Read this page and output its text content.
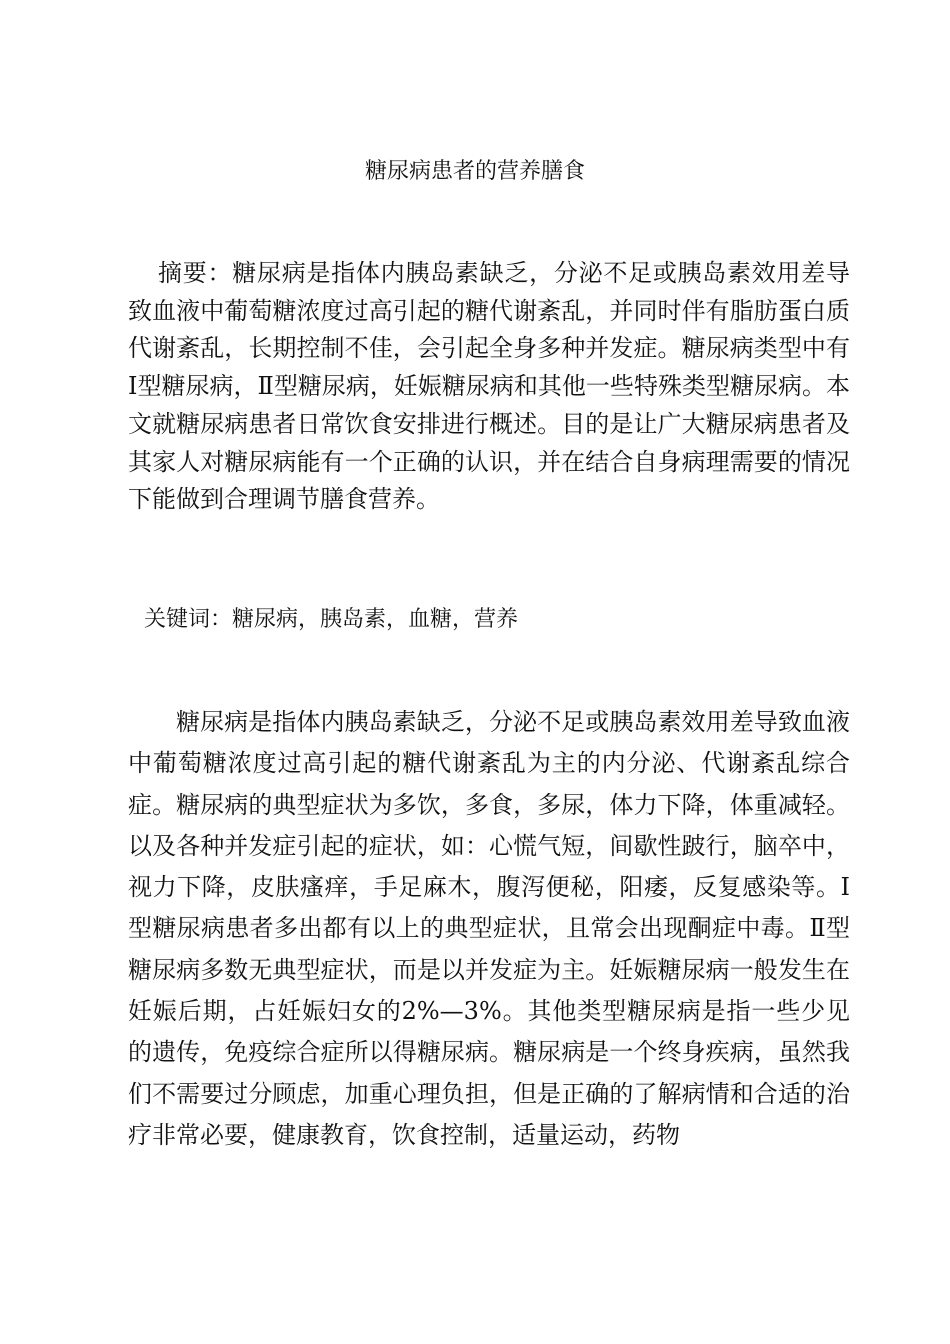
糖尿病患者的营养膳食

摘要：糖尿病是指体内胰岛素缺乏，分泌不足或胰岛素效用差导致血液中葡萄糖浓度过高引起的糖代谢紊乱，并同时伴有脂肪蛋白质代谢紊乱，长期控制不佳，会引起全身多种并发症。糖尿病类型中有Ⅰ型糖尿病，Ⅱ型糖尿病，妊娠糖尿病和其他一些特殊类型糖尿病。本文就糖尿病患者日常饮食安排进行概述。目的是让广大糖尿病患者及其家人对糖尿病能有一个正确的认识，并在结合自身病理需要的情况下能做到合理调节膳食营养。

关键词：糖尿病，胰岛素，血糖，营养

糖尿病是指体内胰岛素缺乏，分泌不足或胰岛素效用差导致血液中葡萄糖浓度过高引起的糖代谢紊乱为主的内分泌、代谢紊乱综合症。糖尿病的典型症状为多饮，多食，多尿，体力下降，体重减轻。以及各种并发症引起的症状，如：心慌气短，间歇性跛行，脑卒中，视力下降，皮肤瘙痒，手足麻木，腹泻便秘，阳痿，反复感染等。Ⅰ型糖尿病患者多出都有以上的典型症状，且常会出现酮症中毒。Ⅱ型糖尿病多数无典型症状，而是以并发症为主。妊娠糖尿病一般发生在妊娠后期，占妊娠妇女的2%—3%。其他类型糖尿病是指一些少见的遗传，免疫综合症所以得糖尿病。糖尿病是一个终身疾病，虽然我们不需要过分顾虑，加重心理负担，但是正确的了解病情和合适的治疗非常必要，健康教育，饮食控制，适量运动，药物
